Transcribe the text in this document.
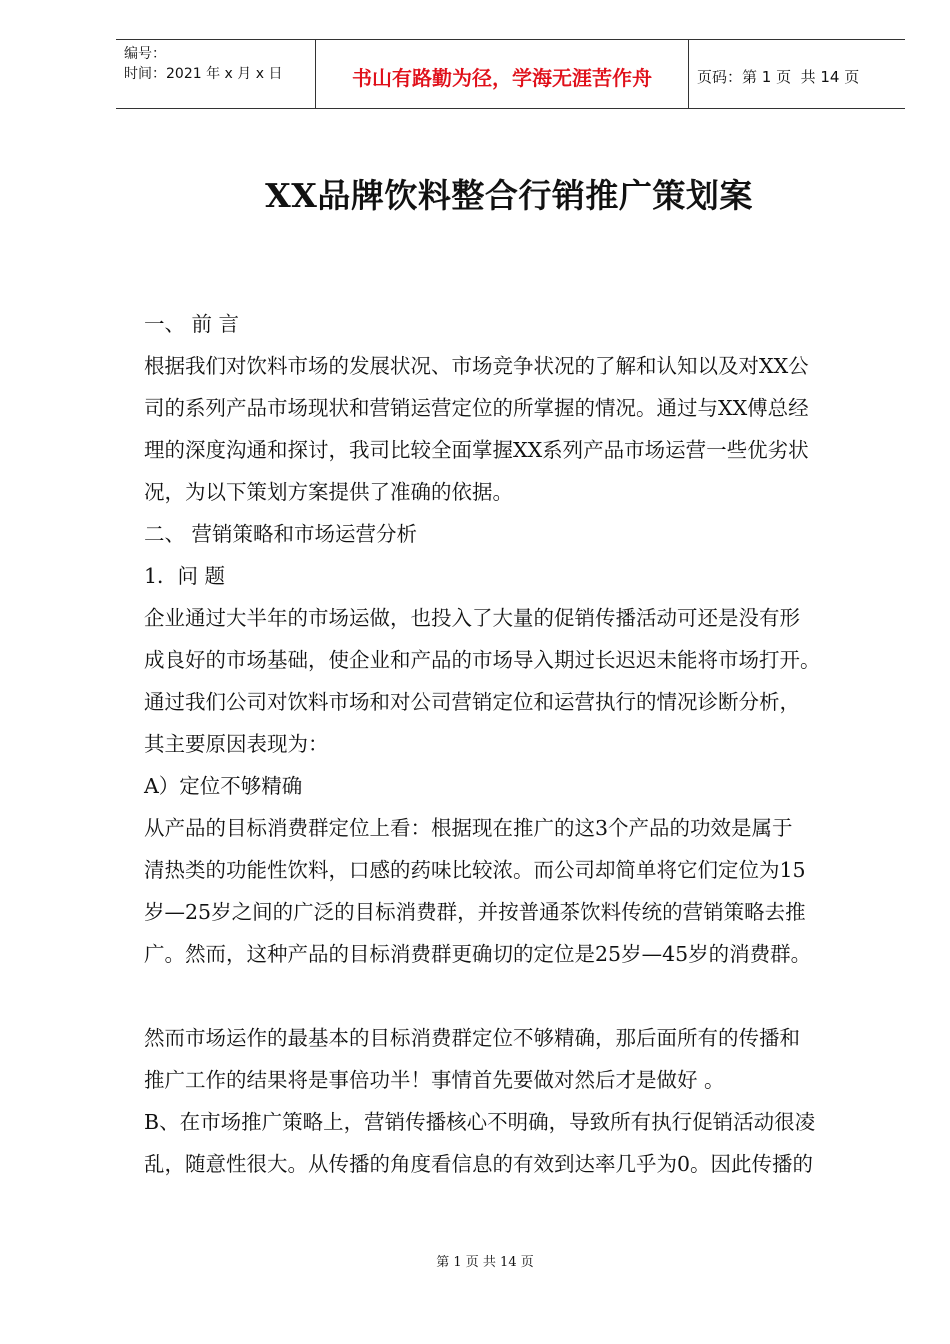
编号：
时间：2021 年 x 月 x 日	书山有路勤为径，学海无涯苦作舟	页码：第 1 页  共 14 页
XX品牌饮料整合行销推广策划案

一、 前 言

根据我们对饮料市场的发展状况、市场竞争状况的了解和认知以及对XX公

司的系列产品市场现状和营销运营定位的所掌握的情况。通过与XX傅总经

理的深度沟通和探讨，我司比较全面掌握XX系列产品市场运营一些优劣状

况，为以下策划方案提供了准确的依据。

二、 营销策略和市场运营分析

1．问 题

企业通过大半年的市场运做，也投入了大量的促销传播活动可还是没有形

成良好的市场基础，使企业和产品的市场导入期过长迟迟未能将市场打开。

通过我们公司对饮料市场和对公司营销定位和运营执行的情况诊断分析，

其主要原因表现为：

A）定位不够精确

从产品的目标消费群定位上看：根据现在推广的这3个产品的功效是属于

清热类的功能性饮料，口感的药味比较浓。而公司却简单将它们定位为15

岁—25岁之间的广泛的目标消费群，并按普通茶饮料传统的营销策略去推

广。然而，这种产品的目标消费群更确切的定位是25岁—45岁的消费群。

然而市场运作的最基本的目标消费群定位不够精确，那后面所有的传播和

推广工作的结果将是事倍功半！事情首先要做对然后才是做好 。

B、在市场推广策略上，营销传播核心不明确，导致所有执行促销活动很凌

乱，随意性很大。从传播的角度看信息的有效到达率几乎为0。因此传播的

第 1 页 共 14 页
